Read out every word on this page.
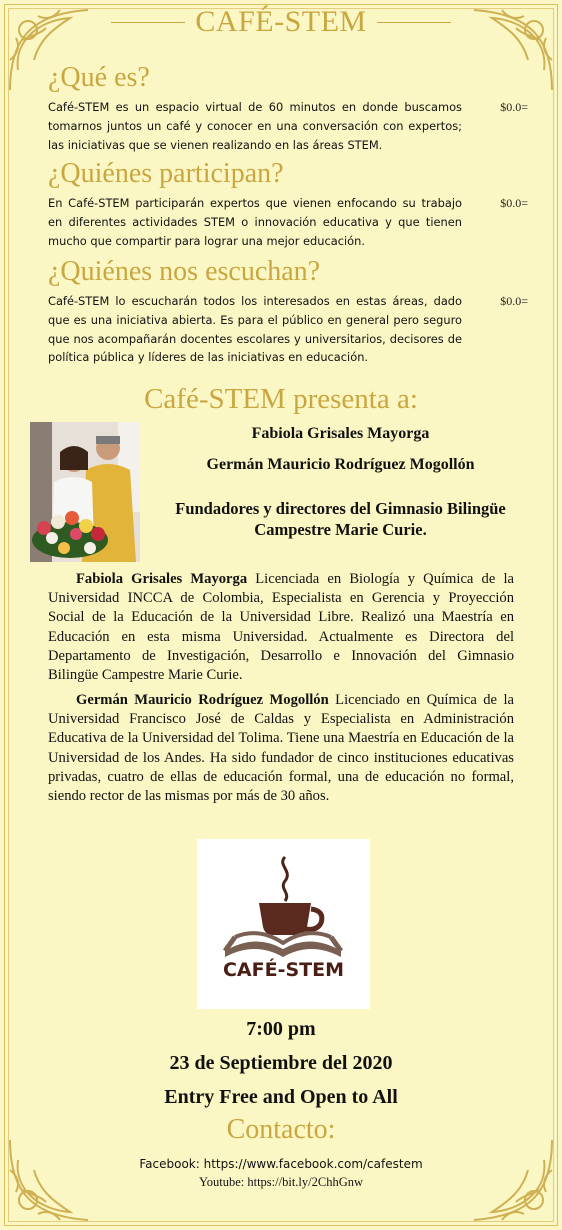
CAFÉ-STEM
¿Qué es?

Café-STEM es un espacio virtual de 60 minutos en donde buscamos tomarnos juntos un café y conocer en una conversación con expertos; las iniciativas que se vienen realizando en las áreas STEM.

$0.0=
¿Quiénes participan?

En Café-STEM participarán expertos que vienen enfocando su trabajo en diferentes actividades STEM o innovación educativa y que tienen mucho que compartir para lograr una mejor educación.

$0.0=
¿Quiénes nos escuchan?

Café-STEM lo escucharán todos los interesados en estas áreas, dado que es una iniciativa abierta. Es para el público en general pero seguro que nos acompañarán docentes escolares y universitarios, decisores de política pública y líderes de las iniciativas en educación.

$0.0=
Café-STEM presenta a:
Fabiola Grisales Mayorga
Germán Mauricio Rodríguez Mogollón
Fundadores y directores del Gimnasio Bilingüe Campestre Marie Curie.

Fabiola Grisales Mayorga Licenciada en Biología y Química de la Universidad INCCA de Colombia, Especialista en Gerencia y Proyección Social de la Educación de la Universidad Libre. Realizó una Maestría en Educación en esta misma Universidad. Actualmente es Directora del Departamento de Investigación, Desarrollo e Innovación del Gimnasio Bilingüe Campestre Marie Curie.

Germán Mauricio Rodríguez Mogollón Licenciado en Química de la Universidad Francisco José de Caldas y Especialista en Administración Educativa de la Universidad del Tolima. Tiene una Maestría en Educación de la Universidad de los Andes. Ha sido fundador de cinco instituciones educativas privadas, cuatro de ellas de educación formal, una de educación no formal, siendo rector de las mismas por más de 30 años.

CAFÉ-STEM
7:00 pm
23 de Septiembre del 2020
Entry Free and Open to All
Contacto:
Facebook: https://www.facebook.com/cafestem
Youtube: https://bit.ly/2ChhGnw
